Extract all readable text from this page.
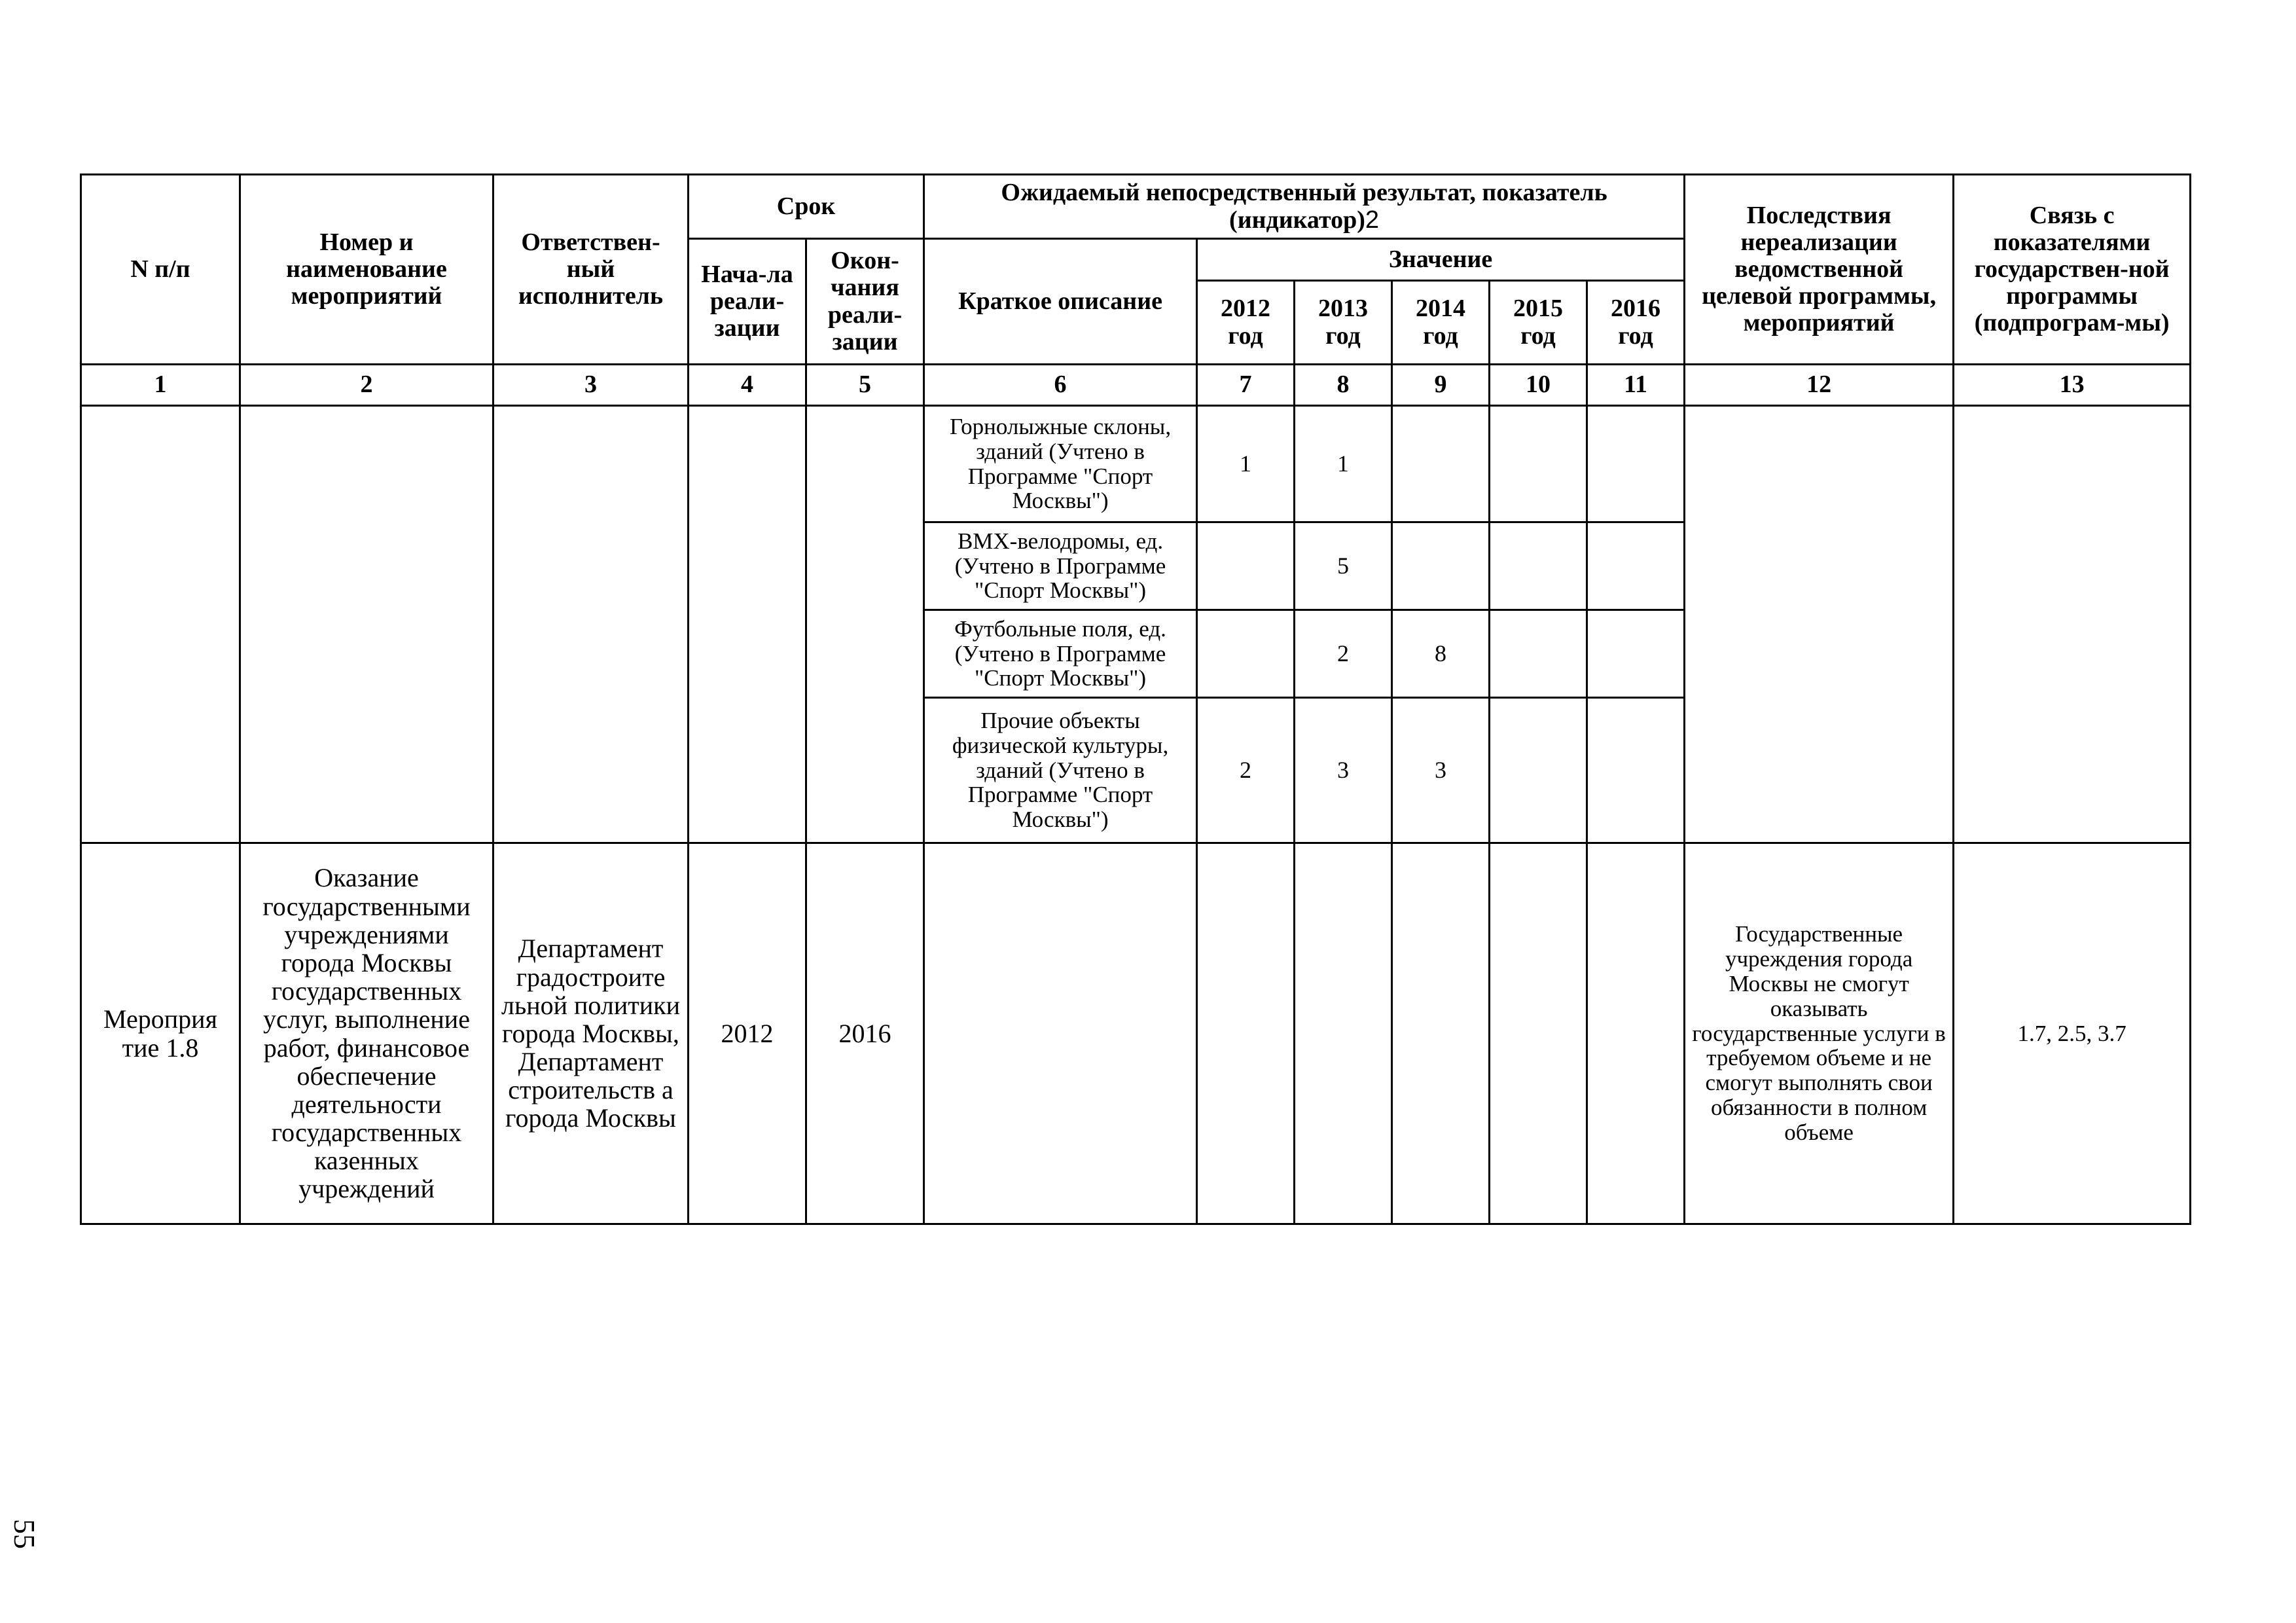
N п/п	Номер и наименование мероприятий	Ответствен-ный исполнитель	Срок		Ожидаемый непосредственный результат, показатель (индикатор)2						Последствия нереализации ведомственной целевой программы, мероприятий	Связь с показателями государствен-ной программы (подпрограм-мы)
			Нача-ла реали-зации	Окон-чания реали-зации	Краткое описание	Значение						
						2012 год	2013 год	2014 год	2015 год	2016 год		
1	2	3	4	5	6	7	8	9	10	11	12	13
					Горнолыжные склоны, зданий (Учтено в Программе "Спорт Москвы")	1	1					
					BMX-велодромы, ед. (Учтено в Программе "Спорт Москвы")		5					
					Футбольные поля, ед. (Учтено в Программе "Спорт Москвы")		2	8				
					Прочие объекты физической культуры, зданий (Учтено в Программе "Спорт Москвы")	2	3	3				
Мероприя тие 1.8	Оказание государственными учреждениями города Москвы государственных услуг, выполнение работ, финансовое обеспечение деятельности государственных казенных учреждений	Департамент градостроите льной политики города Москвы, Департамент строительств а города Москвы	2012	2016							Государственные учреждения города Москвы не смогут оказывать государственные услуги в требуемом объеме и не смогут выполнять свои обязанности в полном объеме	1.7, 2.5, 3.7
55
